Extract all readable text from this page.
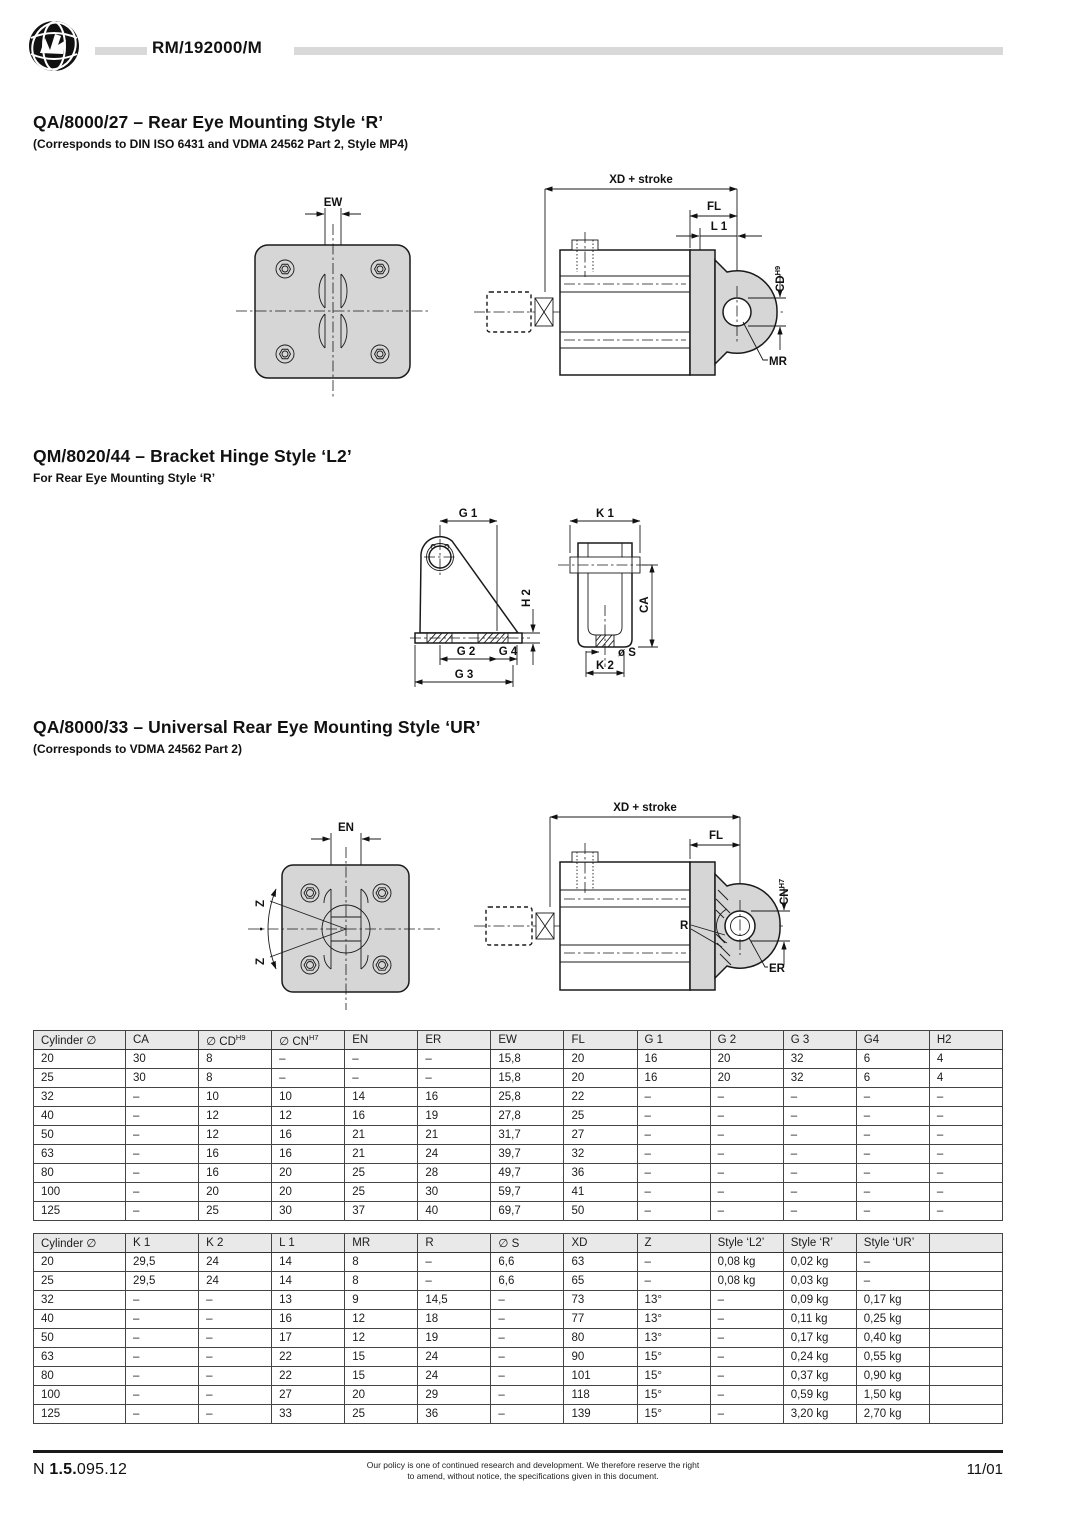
RM/192000/M
QA/8000/27 – Rear Eye Mounting Style ‘R’
(Corresponds to DIN ISO 6431 and VDMA 24562 Part 2, Style MP4)
EW
XD + stroke
FL
L 1
$CD^{H9}$
MR
QM/8020/44 – Bracket Hinge Style ‘L2’
For Rear Eye Mounting Style ‘R’
G 1
H 2
G 2 G 4
G 3
K 1
CA
ø S
K 2
QA/8000/33 – Universal Rear Eye Mounting Style ‘UR’
(Corresponds to VDMA 24562 Part 2)
EN
Z
Z
XD + stroke
FL
$CN^{H7}$
R
ER
Cylinder ∅	CA	∅ $CD^{H9}$	∅ $CN^{H7}$	EN	ER	EW	FL	G 1	G 2	G 3	G4	H2
20	30	8	–	–	–	15,8	20	16	20	32	6	4
25	30	8	–	–	–	15,8	20	16	20	32	6	4
32	–	10	10	14	16	25,8	22	–	–	–	–	–
40	–	12	12	16	19	27,8	25	–	–	–	–	–
50	–	12	16	21	21	31,7	27	–	–	–	–	–
63	–	16	16	21	24	39,7	32	–	–	–	–	–
80	–	16	20	25	28	49,7	36	–	–	–	–	–
100	–	20	20	25	30	59,7	41	–	–	–	–	–
125	–	25	30	37	40	69,7	50	–	–	–	–	–
Cylinder ∅	K 1	K 2	L 1	MR	R	∅ S	XD	Z	Style ‘L2’	Style ‘R’	Style ‘UR’	
20	29,5	24	14	8	–	6,6	63	–	0,08 kg	0,02 kg	–	
25	29,5	24	14	8	–	6,6	65	–	0,08 kg	0,03 kg	–	
32	–	–	13	9	14,5	–	73	13°	–	0,09 kg	0,17 kg	
40	–	–	16	12	18	–	77	13°	–	0,11 kg	0,25 kg	
50	–	–	17	12	19	–	80	13°	–	0,17 kg	0,40 kg	
63	–	–	22	15	24	–	90	15°	–	0,24 kg	0,55 kg	
80	–	–	22	15	24	–	101	15°	–	0,37 kg	0,90 kg	
100	–	–	27	20	29	–	118	15°	–	0,59 kg	1,50 kg	
125	–	–	33	25	36	–	139	15°	–	3,20 kg	2,70 kg	
N 1.5.095.12	Our policy is one of continued research and development. We therefore reserve the right
to amend, without notice, the specifications given in this document.	11/01
